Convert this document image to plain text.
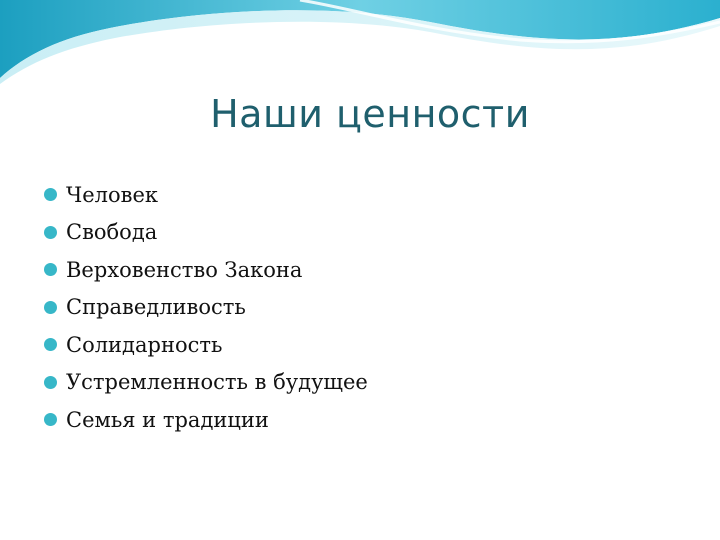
Наши ценности
Человек
Свобода
Верховенство Закона
Справедливость
Солидарность
Устремленность в будущее
Семья и традиции
